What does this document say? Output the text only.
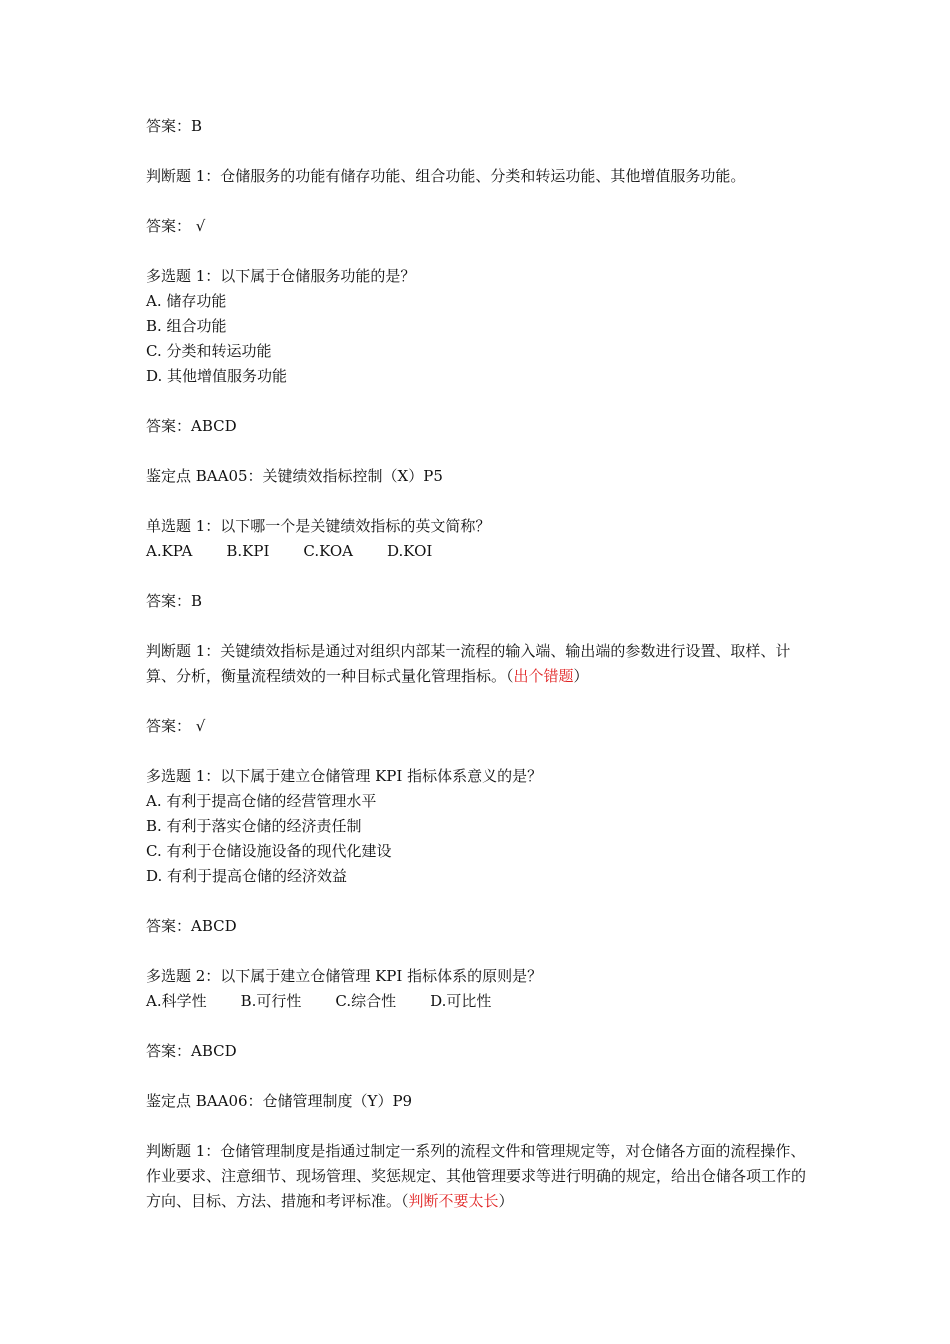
答案：B
判断题 1：仓储服务的功能有储存功能、组合功能、分类和转运功能、其他增值服务功能。
答案： √
多选题 1：以下属于仓储服务功能的是？
A. 储存功能
B. 组合功能
C. 分类和转运功能
D. 其他增值服务功能
答案：ABCD
鉴定点 BAA05：关键绩效指标控制（X）P5
单选题 1：以下哪一个是关键绩效指标的英文简称？
A.KPA B.KPI C.KOA D.KOI
答案：B
判断题 1：关键绩效指标是通过对组织内部某一流程的输入端、输出端的参数进行设置、取样、计算、分析，衡量流程绩效的一种目标式量化管理指标。（出个错题）
答案： √
多选题 1：以下属于建立仓储管理 KPI 指标体系意义的是？
A. 有利于提高仓储的经营管理水平
B. 有利于落实仓储的经济责任制
C. 有利于仓储设施设备的现代化建设
D. 有利于提高仓储的经济效益
答案：ABCD
多选题 2：以下属于建立仓储管理 KPI 指标体系的原则是？
A.科学性 B.可行性 C.综合性 D.可比性
答案：ABCD
鉴定点 BAA06：仓储管理制度（Y）P9
判断题 1：仓储管理制度是指通过制定一系列的流程文件和管理规定等，对仓储各方面的流程操作、作业要求、注意细节、现场管理、奖惩规定、其他管理要求等进行明确的规定，给出仓储各项工作的方向、目标、方法、措施和考评标准。（判断不要太长）
